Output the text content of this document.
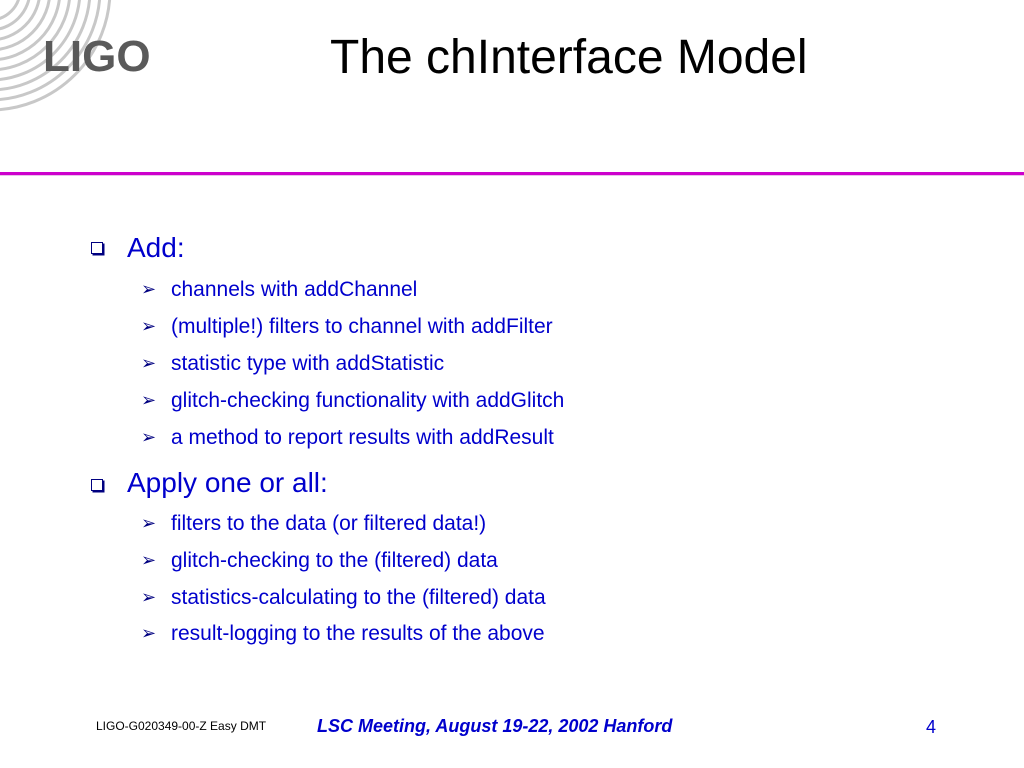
LIGO	The chInterface Model
Add:
➢ channels with addChannel
➢ (multiple!) filters to channel with addFilter
➢ statistic type with addStatistic
➢ glitch-checking functionality with addGlitch
➢ a method to report results with addResult
Apply one or all:
➢ filters to the data (or filtered data!)
➢ glitch-checking to the (filtered) data
➢ statistics-calculating to the (filtered) data
➢ result-logging to the results of the above
LIGO-G020349-00-Z Easy DMT	LSC Meeting, August 19-22, 2002 Hanford	4
